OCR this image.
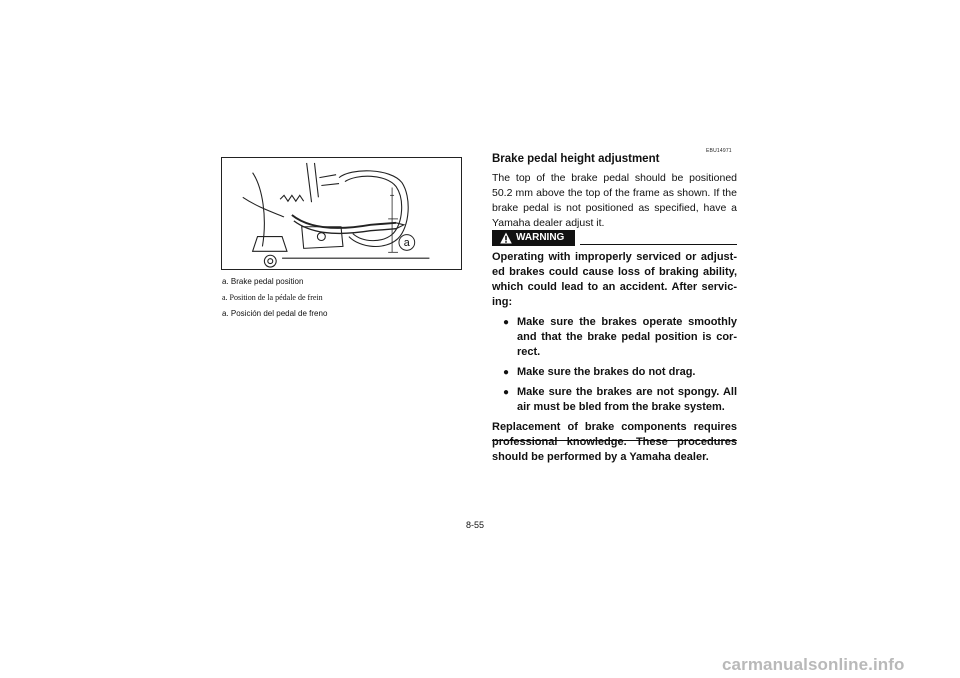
a
a. Brake pedal position
a. Position de la pédale de frein
a. Posición del pedal de freno
EBU14971
Brake pedal height adjustment
The top of the brake pedal should be positioned 50.2 mm above the top of the frame as shown. If the brake pedal is not positioned as specified, have a Yamaha dealer adjust it.
WARNING

Operating with improperly serviced or adjust- ed brakes could cause loss of braking ability, which could lead to an accident. After servic- ing:

● Make sure the brakes operate smoothly and that the brake pedal position is cor- rect.
● Make sure the brakes do not drag.
● Make sure the brakes are not spongy. All air must be bled from the brake system.

Replacement of brake components requires professional knowledge. These procedures should be performed by a Yamaha dealer.

8-55
carmanualsonline.info
